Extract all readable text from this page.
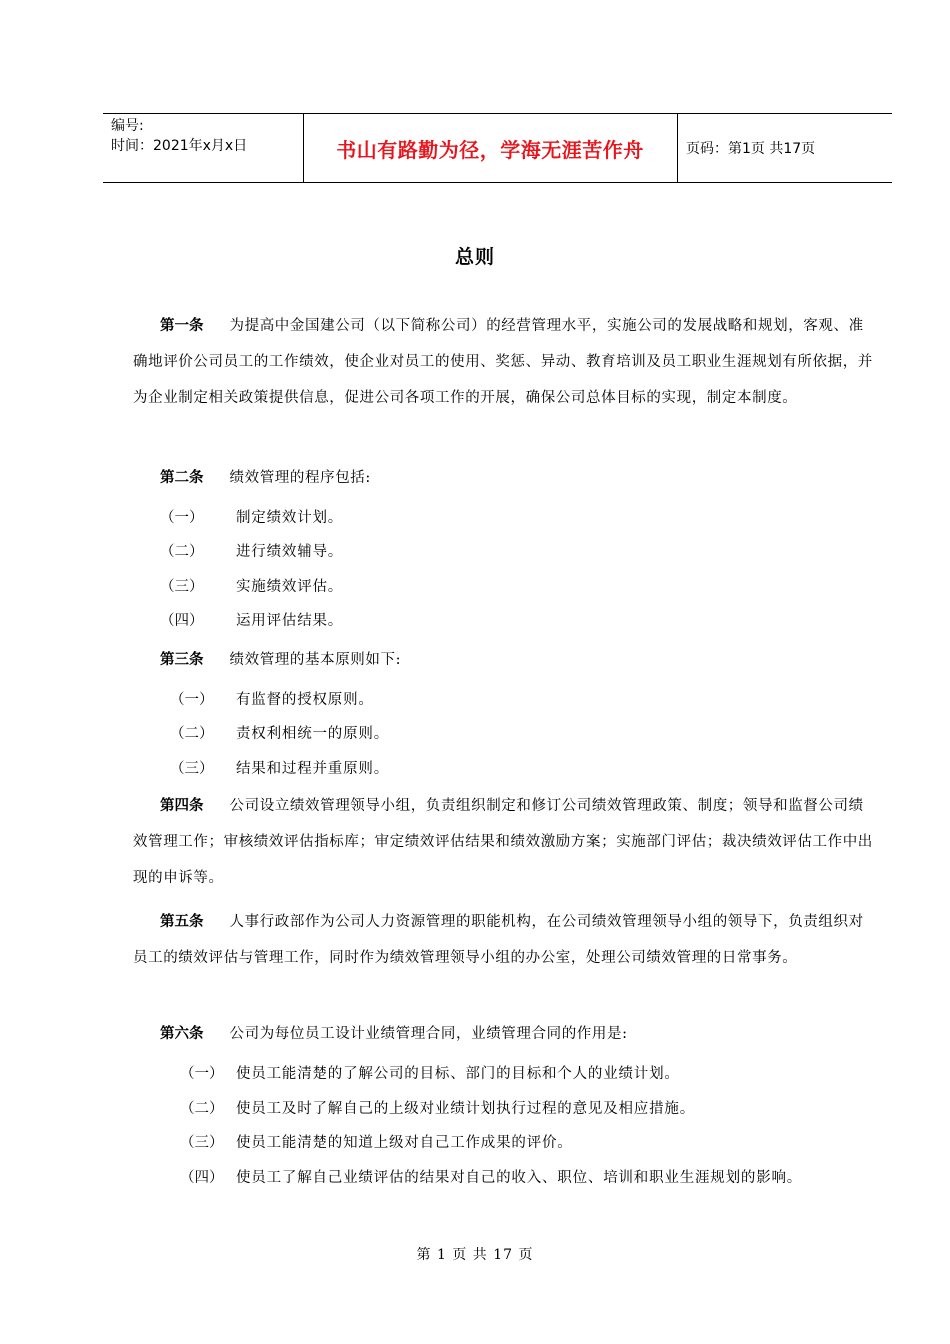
编号:
时间：2021年x月x日	书山有路勤为径，学海无涯苦作舟	页码：第1页 共17页
总则
第一条 为提高中金国建公司（以下简称公司）的经营管理水平，实施公司的发展战略和规划，客观、准确地评价公司员工的工作绩效，使企业对员工的使用、奖惩、异动、教育培训及员工职业生涯规划有所依据，并为企业制定相关政策提供信息，促进公司各项工作的开展，确保公司总体目标的实现，制定本制度。
第二条 绩效管理的程序包括:
（一） 制定绩效计划。
（二） 进行绩效辅导。
（三） 实施绩效评估。
（四） 运用评估结果。
第三条 绩效管理的基本原则如下:
（一） 有监督的授权原则。
（二） 责权利相统一的原则。
（三） 结果和过程并重原则。
第四条 公司设立绩效管理领导小组，负责组织制定和修订公司绩效管理政策、制度；领导和监督公司绩效管理工作；审核绩效评估指标库；审定绩效评估结果和绩效激励方案；实施部门评估；裁决绩效评估工作中出现的申诉等。
第五条 人事行政部作为公司人力资源管理的职能机构，在公司绩效管理领导小组的领导下，负责组织对员工的绩效评估与管理工作，同时作为绩效管理领导小组的办公室，处理公司绩效管理的日常事务。
第六条 公司为每位员工设计业绩管理合同，业绩管理合同的作用是:
（一） 使员工能清楚的了解公司的目标、部门的目标和个人的业绩计划。
（二） 使员工及时了解自己的上级对业绩计划执行过程的意见及相应措施。
（三） 使员工能清楚的知道上级对自己工作成果的评价。
（四） 使员工了解自己业绩评估的结果对自己的收入、职位、培训和职业生涯规划的影响。
第 1 页 共 17 页
